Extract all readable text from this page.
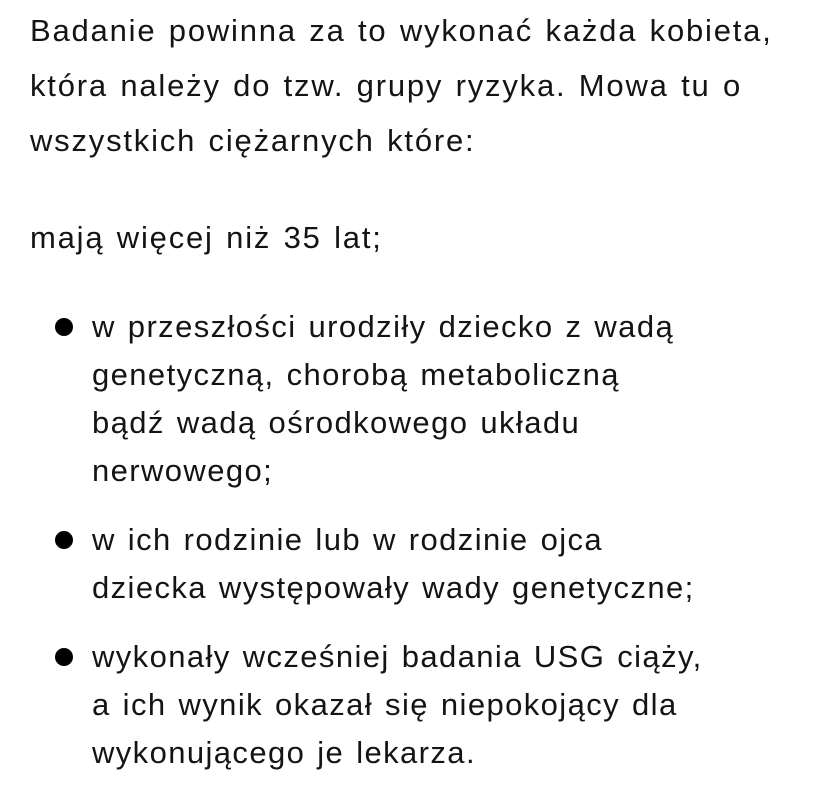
Badanie powinna za to wykonać każda kobieta,
która należy do tzw. grupy ryzyka. Mowa tu o
wszystkich ciężarnych które:
mają więcej niż 35 lat;
w przeszłości urodziły dziecko z wadą
genetyczną, chorobą metaboliczną
bądź wadą ośrodkowego układu
nerwowego;
w ich rodzinie lub w rodzinie ojca
dziecka występowały wady genetyczne;
wykonały wcześniej badania USG ciąży,
a ich wynik okazał się niepokojący dla
wykonującego je lekarza.
